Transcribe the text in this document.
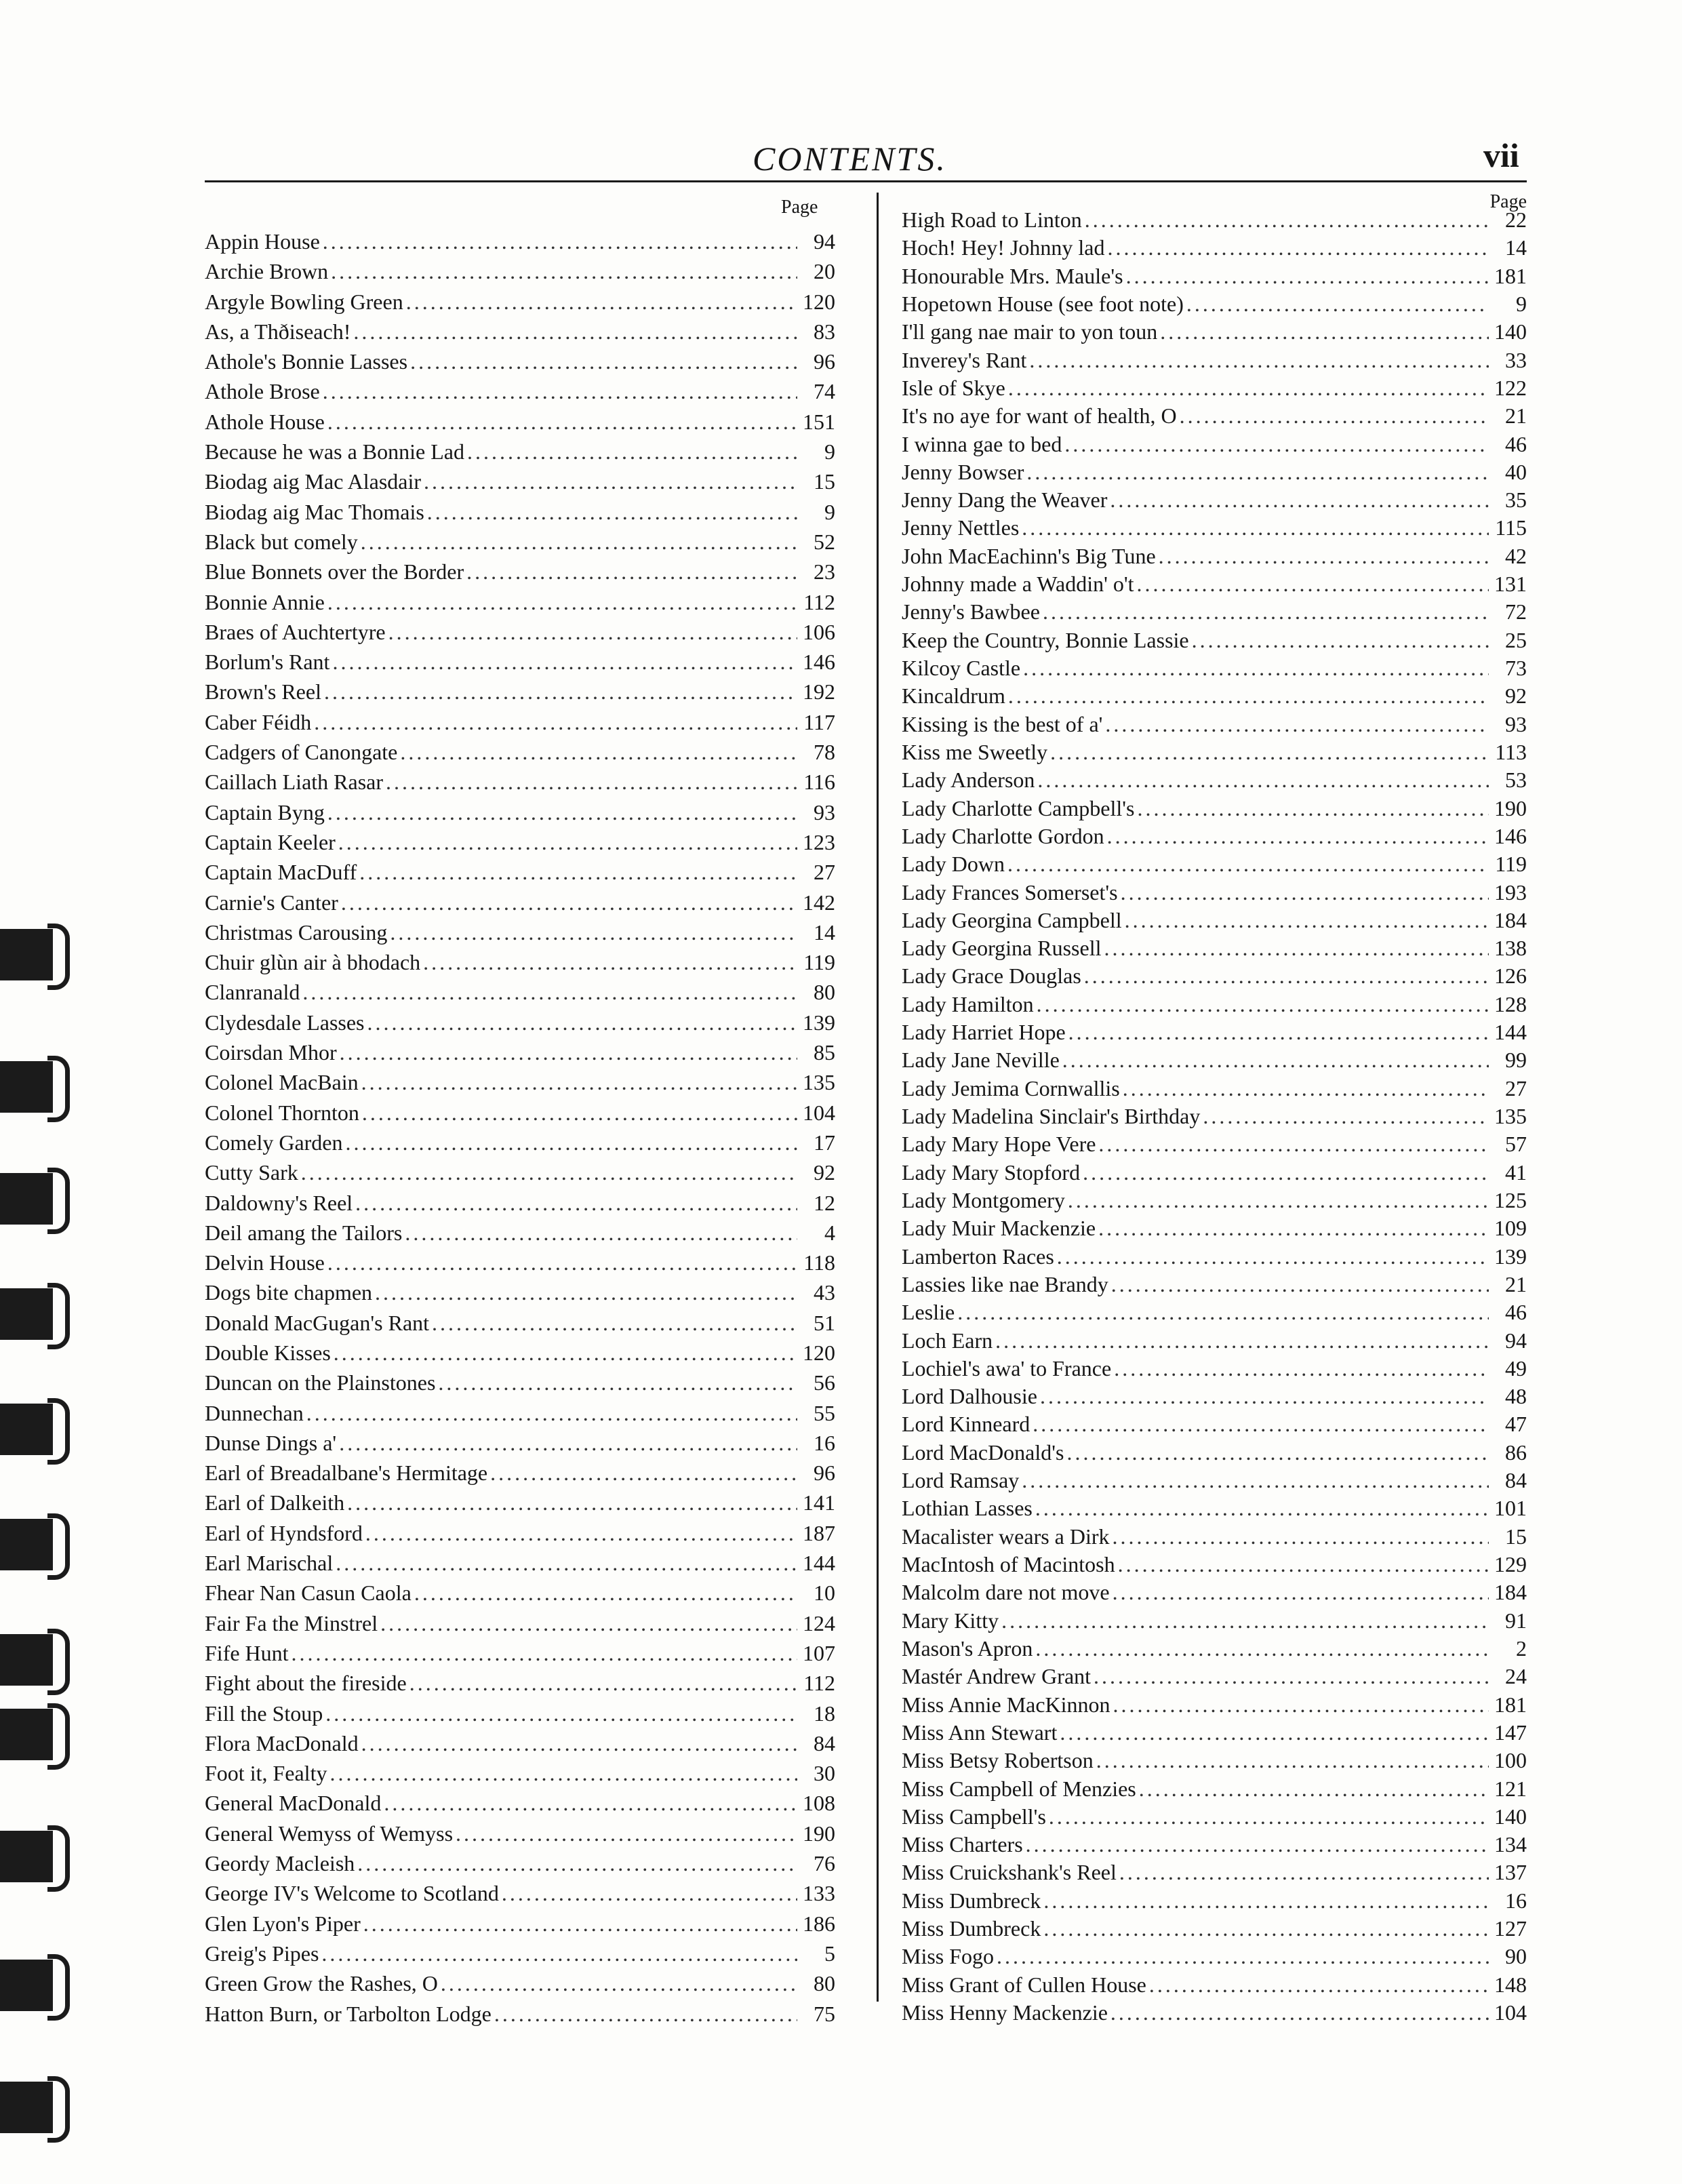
CONTENTS.	vii
Page
Appin House .....	94
Archie Brown .....	20
Argyle Bowling Green .....	120
As, a Thðiseach! .....	83
Athole's Bonnie Lasses .....	96
Athole Brose .....	74
Athole House .....	151
Because he was a Bonnie Lad .....	9
Biodag aig Mac Alasdair .....	15
Biodag aig Mac Thomais .....	9
Black but comely .....	52
Blue Bonnets over the Border .....	23
Bonnie Annie .....	112
Braes of Auchtertyre .....	106
Borlum's Rant .....	146
Brown's Reel .....	192
Caber Féidh .....	117
Cadgers of Canongate .....	78
Caillach Liath Rasar .....	116
Captain Byng .....	93
Captain Keeler .....	123
Captain MacDuff .....	27
Carnie's Canter .....	142
Christmas Carousing .....	14
Chuir glùn air à bhodach .....	119
Clanranald .....	80
Clydesdale Lasses .....	139
Coirsdan Mhor .....	85
Colonel MacBain .....	135
Colonel Thornton .....	104
Comely Garden .....	17
Cutty Sark .....	92
Daldowny's Reel .....	12
Deil amang the Tailors .....	4
Delvin House .....	118
Dogs bite chapmen .....	43
Donald MacGugan's Rant .....	51
Double Kisses .....	120
Duncan on the Plainstones .....	56
Dunnechan .....	55
Dunse Dings a' .....	16
Earl of Breadalbane's Hermitage .....	96
Earl of Dalkeith .....	141
Earl of Hyndsford .....	187
Earl Marischal .....	144
Fhear Nan Casun Caola .....	10
Fair Fa the Minstrel .....	124
Fife Hunt .....	107
Fight about the fireside .....	112
Fill the Stoup .....	18
Flora MacDonald .....	84
Foot it, Fealty .....	30
General MacDonald .....	108
General Wemyss of Wemyss .....	190
Geordy Macleish .....	76
George IV's Welcome to Scotland .....	133
Glen Lyon's Piper .....	186
Greig's Pipes .....	5
Green Grow the Rashes, O .....	80
Hatton Burn, or Tarbolton Lodge .....	75
Page
High Road to Linton .....	22
Hoch! Hey! Johnny lad .....	14
Honourable Mrs. Maule's .....	181
Hopetown House (see foot note) .....	9
I'll gang nae mair to yon toun .....	140
Inverey's Rant .....	33
Isle of Skye .....	122
It's no aye for want of health, O .....	21
I winna gae to bed .....	46
Jenny Bowser .....	40
Jenny Dang the Weaver .....	35
Jenny Nettles .....	115
John MacEachinn's Big Tune .....	42
Johnny made a Waddin' o't .....	131
Jenny's Bawbee .....	72
Keep the Country, Bonnie Lassie .....	25
Kilcoy Castle .....	73
Kincaldrum .....	92
Kissing is the best of a' .....	93
Kiss me Sweetly .....	113
Lady Anderson .....	53
Lady Charlotte Campbell's .....	190
Lady Charlotte Gordon .....	146
Lady Down .....	119
Lady Frances Somerset's .....	193
Lady Georgina Campbell .....	184
Lady Georgina Russell .....	138
Lady Grace Douglas .....	126
Lady Hamilton .....	128
Lady Harriet Hope .....	144
Lady Jane Neville .....	99
Lady Jemima Cornwallis .....	27
Lady Madelina Sinclair's Birthday .....	135
Lady Mary Hope Vere .....	57
Lady Mary Stopford .....	41
Lady Montgomery .....	125
Lady Muir Mackenzie .....	109
Lamberton Races .....	139
Lassies like nae Brandy .....	21
Leslie .....	46
Loch Earn .....	94
Lochiel's awa' to France .....	49
Lord Dalhousie .....	48
Lord Kinneard .....	47
Lord MacDonald's .....	86
Lord Ramsay .....	84
Lothian Lasses .....	101
Macalister wears a Dirk .....	15
MacIntosh of Macintosh .....	129
Malcolm dare not move .....	184
Mary Kitty .....	91
Mason's Apron .....	2
Mastér Andrew Grant .....	24
Miss Annie MacKinnon .....	181
Miss Ann Stewart .....	147
Miss Betsy Robertson .....	100
Miss Campbell of Menzies .....	121
Miss Campbell's .....	140
Miss Charters .....	134
Miss Cruickshank's Reel .....	137
Miss Dumbreck .....	16
Miss Dumbreck .....	127
Miss Fogo .....	90
Miss Grant of Cullen House .....	148
Miss Henny Mackenzie .....	104
